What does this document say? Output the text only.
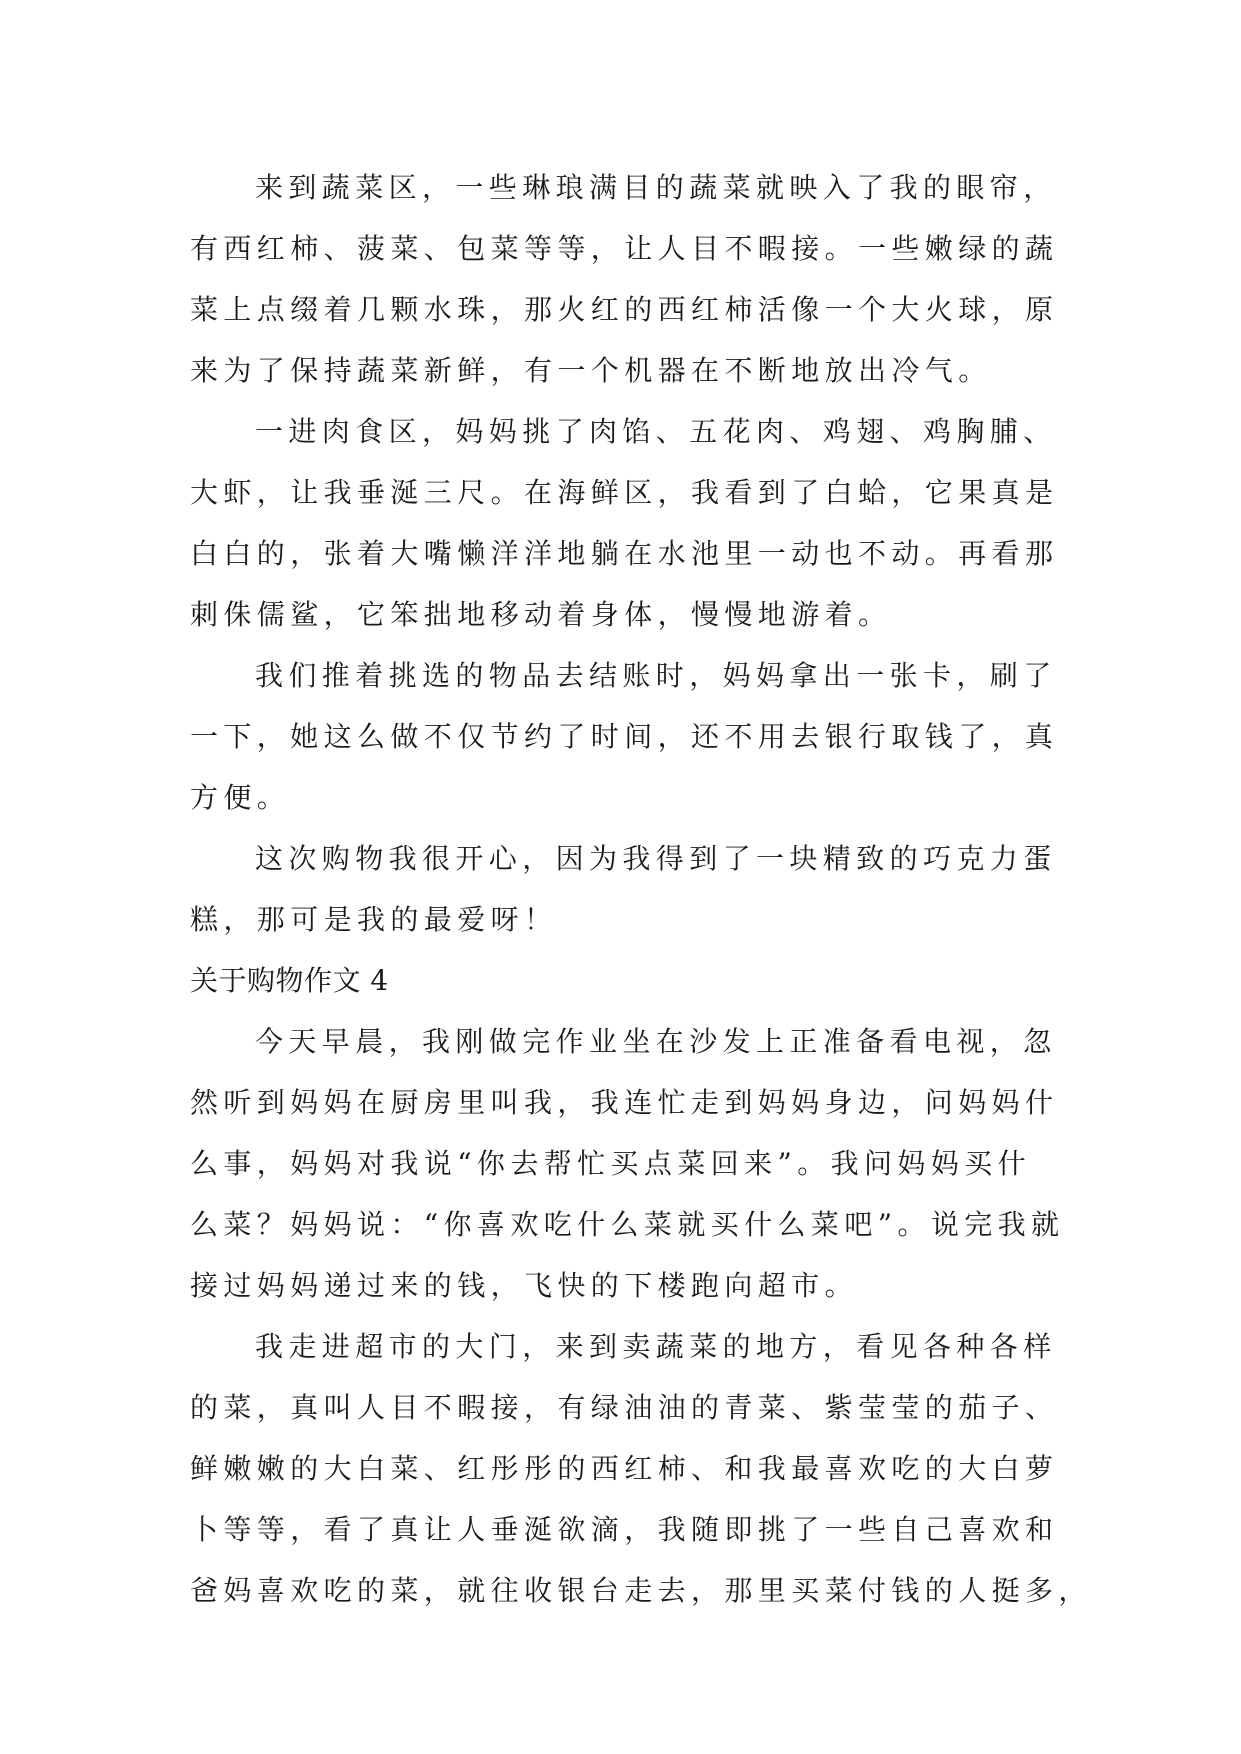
来到蔬菜区，一些琳琅满目的蔬菜就映入了我的眼帘，
有西红柿、菠菜、包菜等等，让人目不暇接。一些嫩绿的蔬
菜上点缀着几颗水珠，那火红的西红柿活像一个大火球，原
来为了保持蔬菜新鲜，有一个机器在不断地放出冷气。
一进肉食区，妈妈挑了肉馅、五花肉、鸡翅、鸡胸脯、
大虾，让我垂涎三尺。在海鲜区，我看到了白蛤，它果真是
白白的，张着大嘴懒洋洋地躺在水池里一动也不动。再看那
刺侏儒鲨，它笨拙地移动着身体，慢慢地游着。
我们推着挑选的物品去结账时，妈妈拿出一张卡，刷了
一下，她这么做不仅节约了时间，还不用去银行取钱了，真
方便。
这次购物我很开心，因为我得到了一块精致的巧克力蛋
糕，那可是我的最爱呀！
关于购物作文 4
今天早晨，我刚做完作业坐在沙发上正准备看电视，忽
然听到妈妈在厨房里叫我，我连忙走到妈妈身边，问妈妈什
么事，妈妈对我说“你去帮忙买点菜回来”。我问妈妈买什
么菜？妈妈说：“你喜欢吃什么菜就买什么菜吧”。说完我就
接过妈妈递过来的钱，飞快的下楼跑向超市。
我走进超市的大门，来到卖蔬菜的地方，看见各种各样
的菜，真叫人目不暇接，有绿油油的青菜、紫莹莹的茄子、
鲜嫩嫩的大白菜、红彤彤的西红柿、和我最喜欢吃的大白萝
卜等等，看了真让人垂涎欲滴，我随即挑了一些自己喜欢和
爸妈喜欢吃的菜，就往收银台走去，那里买菜付钱的人挺多，
